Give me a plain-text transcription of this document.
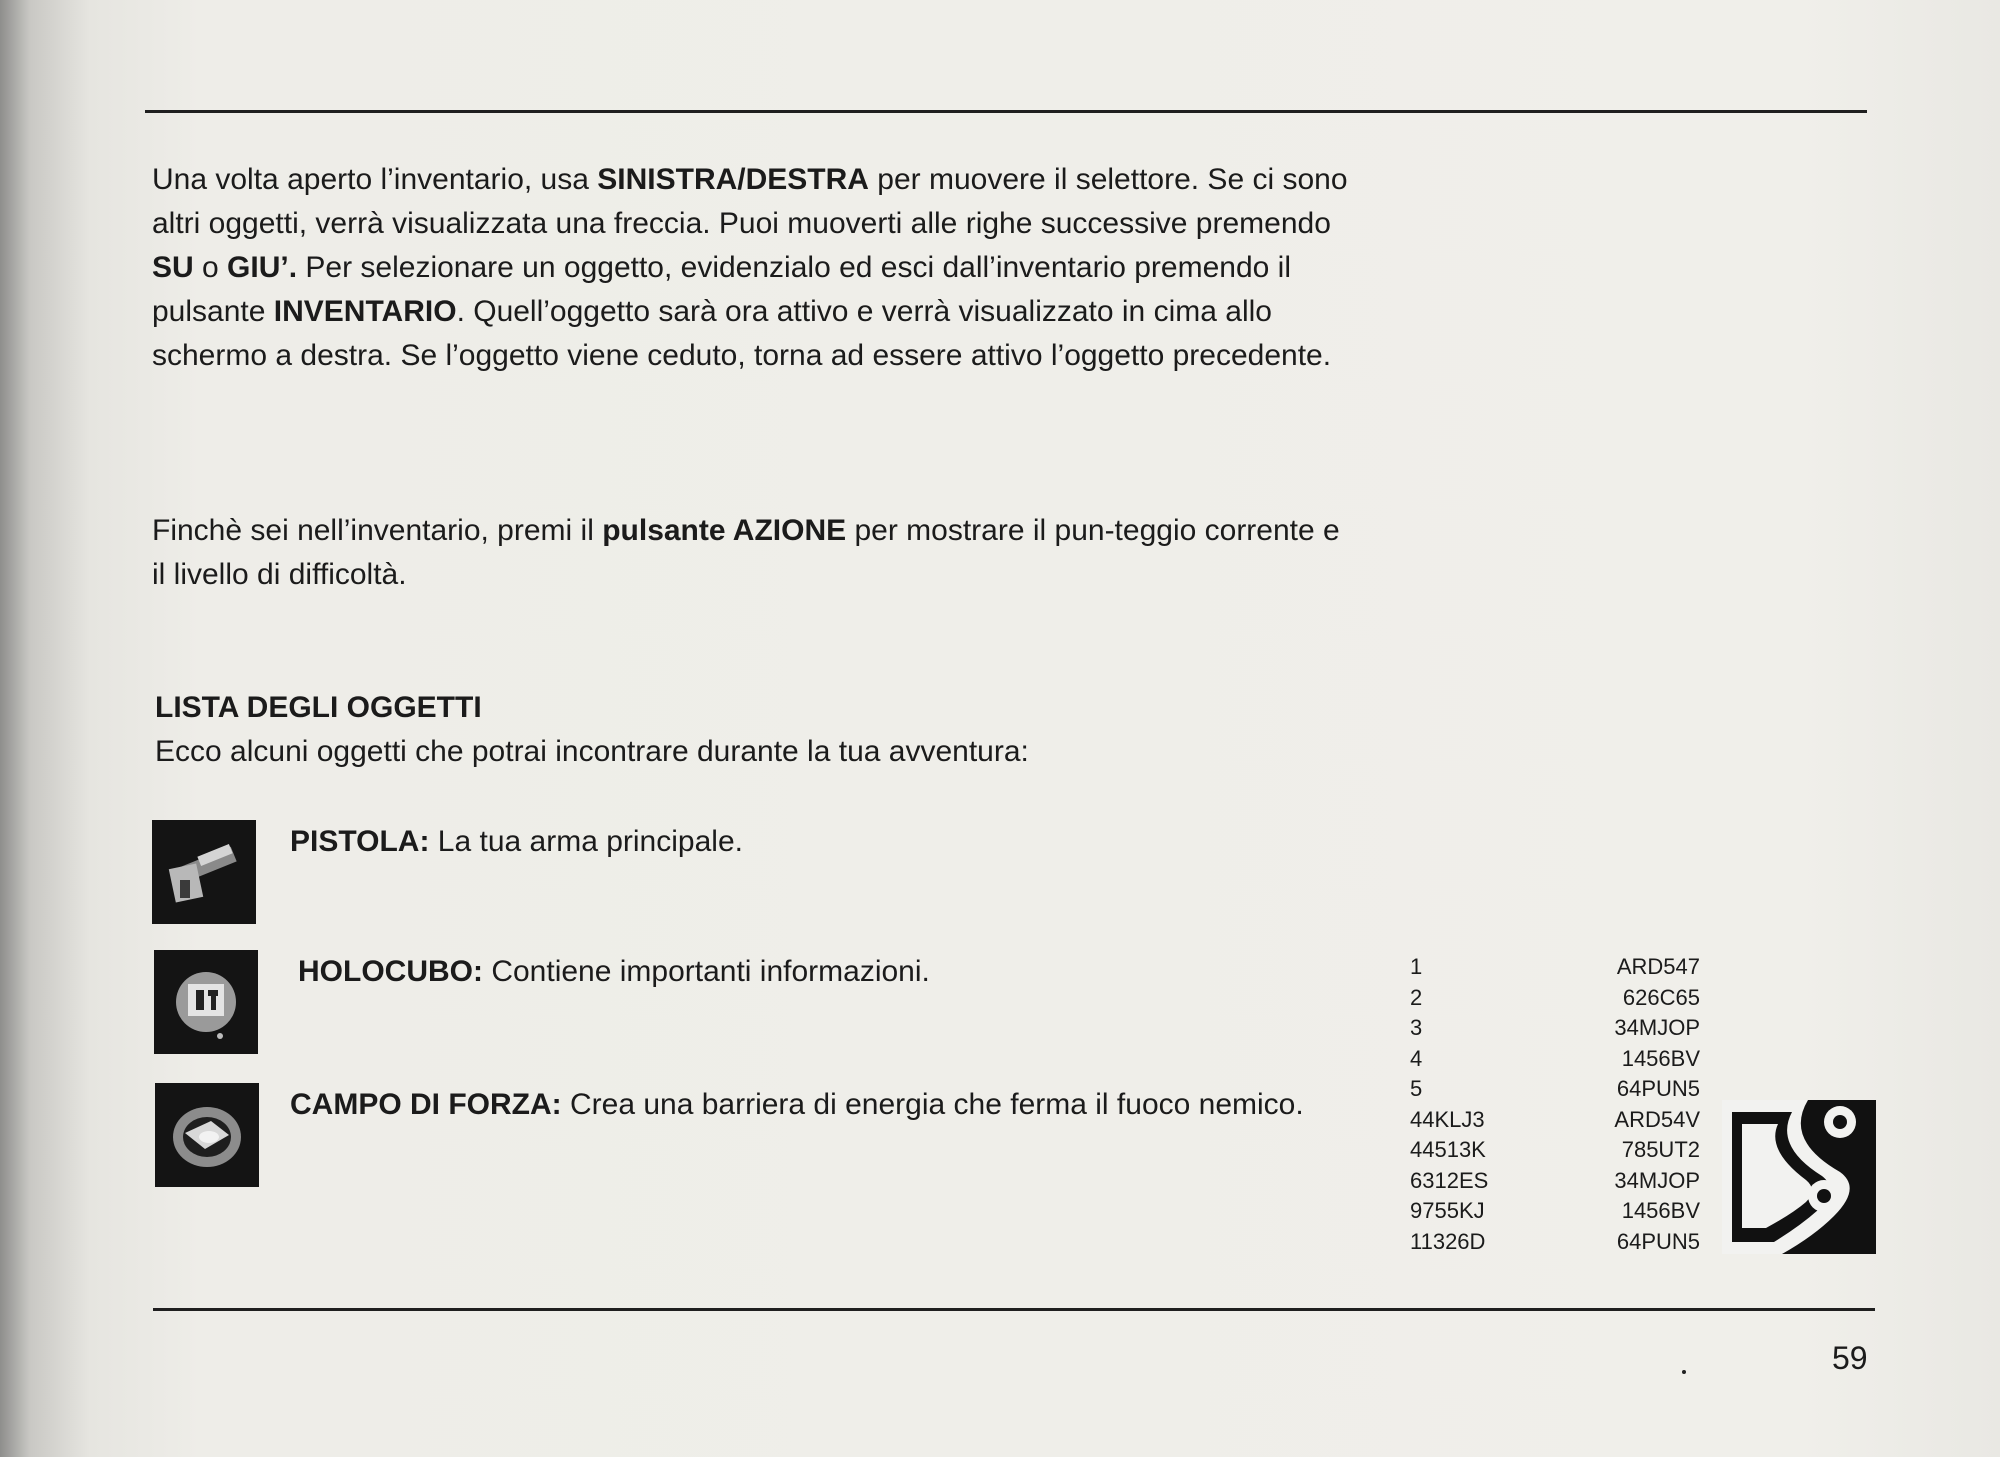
Una volta aperto l’inventario, usa SINISTRA/DESTRA per muovere il selettore. Se ci sono altri oggetti, verrà visualizzata una freccia. Puoi muoverti alle righe successive premendo SU o GIU’. Per selezionare un oggetto, evidenzialo ed esci dall’inventario premendo il pulsante INVENTARIO. Quell’oggetto sarà ora attivo e verrà visualizzato in cima allo schermo a destra. Se l’oggetto viene ceduto, torna ad essere attivo l’oggetto precedente.

Finchè sei nell’inventario, premi il pulsante AZIONE per mostrare il pun-teggio corrente e il livello di difficoltà.

LISTA DEGLI OGGETTI

Ecco alcuni oggetti che potrai incontrare durante la tua avventura:

PISTOLA: La tua arma principale.

HOLOCUBO: Contiene importanti informazioni.

CAMPO DI FORZA: Crea una barriera di energia che ferma il fuoco nemico.

1	ARD547
2	626C65
3	34MJOP
4	1456BV
5	64PUN5
44KLJ3	ARD54V
44513K	785UT2
6312ES	34MJOP
9755KJ	1456BV
11326D	64PUN5
59
